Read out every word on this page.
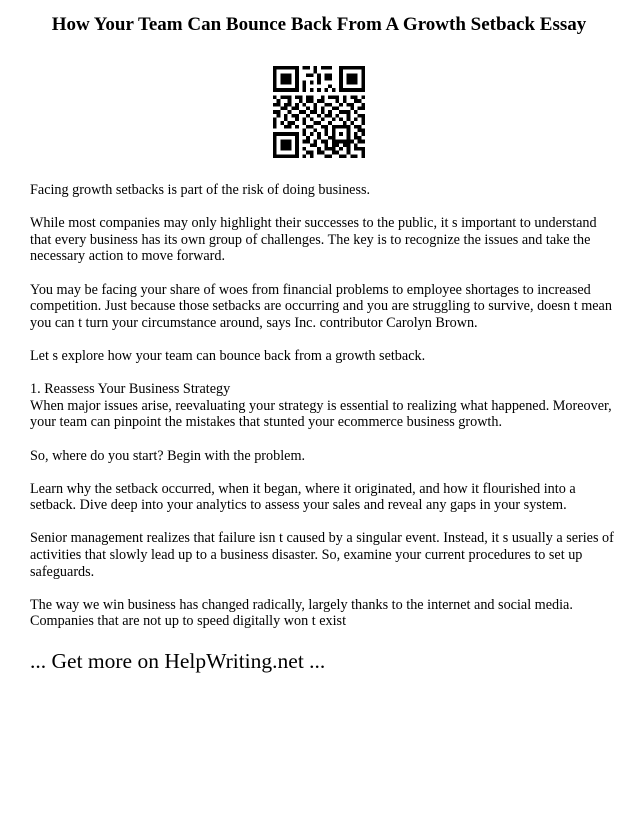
How Your Team Can Bounce Back From A Growth Setback Essay

Facing growth setbacks is part of the risk of doing business.

While most companies may only highlight their successes to the public, it s important to understand that every business has its own group of challenges. The key is to recognize the issues and take the necessary action to move forward.

You may be facing your share of woes from financial problems to employee shortages to increased competition. Just because those setbacks are occurring and you are struggling to survive, doesn t mean you can t turn your circumstance around, says Inc. contributor Carolyn Brown.

Let s explore how your team can bounce back from a growth setback.

1. Reassess Your Business Strategy

When major issues arise, reevaluating your strategy is essential to realizing what happened. Moreover, your team can pinpoint the mistakes that stunted your ecommerce business growth.

So, where do you start? Begin with the problem.

Learn why the setback occurred, when it began, where it originated, and how it flourished into a setback. Dive deep into your analytics to assess your sales and reveal any gaps in your system.

Senior management realizes that failure isn t caused by a singular event. Instead, it s usually a series of activities that slowly lead up to a business disaster. So, examine your current procedures to set up safeguards.

The way we win business has changed radically, largely thanks to the internet and social media. Companies that are not up to speed digitally won t exist

... Get more on HelpWriting.net ...
